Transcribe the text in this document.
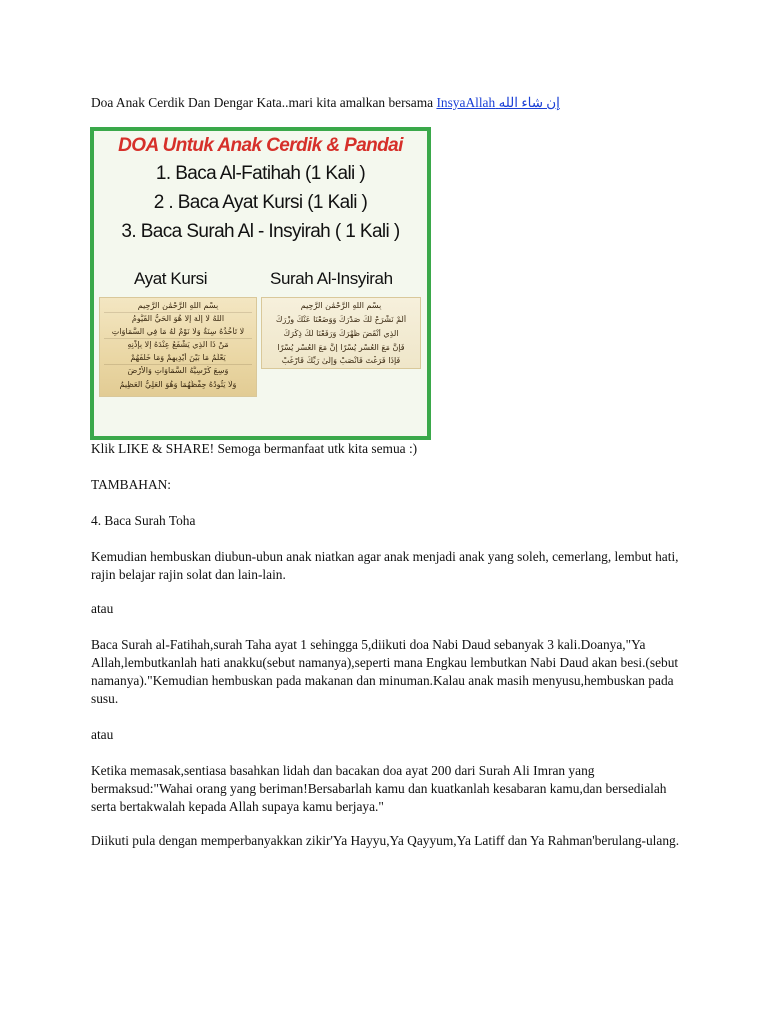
Doa Anak Cerdik Dan Dengar Kata..mari kita amalkan bersama InsyaAllah إن شاء الله

DOA Untuk Anak Cerdik & Pandai
1. Baca Al-Fatihah (1 Kali )
2 . Baca Ayat Kursi (1 Kali )
3. Baca Surah Al - Insyirah ( 1 Kali )
Ayat Kursi	Surah Al-Insyirah
بِسْمِ اللَّهِ الرَّحْمَٰنِ الرَّحِيمِ
اللَّهُ لَا إِلَٰهَ إِلَّا هُوَ الْحَيُّ الْقَيُّومُ
لَا تَأْخُذُهُ سِنَةٌ وَلَا نَوْمٌ لَهُ مَا فِي السَّمَاوَاتِ
مَنْ ذَا الَّذِي يَشْفَعُ عِنْدَهُ إِلَّا بِإِذْنِهِ
يَعْلَمُ مَا بَيْنَ أَيْدِيهِمْ وَمَا خَلْفَهُمْ
وَسِعَ كُرْسِيُّهُ السَّمَاوَاتِ وَالْأَرْضَ
وَلَا يَئُودُهُ حِفْظُهُمَا وَهُوَ الْعَلِيُّ الْعَظِيمُ
بِسْمِ اللَّهِ الرَّحْمَٰنِ الرَّحِيمِ
أَلَمْ نَشْرَحْ لَكَ صَدْرَكَ وَوَضَعْنَا عَنْكَ وِزْرَكَ
الَّذِي أَنْقَضَ ظَهْرَكَ وَرَفَعْنَا لَكَ ذِكْرَكَ
فَإِنَّ مَعَ الْعُسْرِ يُسْرًا إِنَّ مَعَ الْعُسْرِ يُسْرًا
فَإِذَا فَرَغْتَ فَانْصَبْ وَإِلَىٰ رَبِّكَ فَارْغَبْ

Klik LIKE & SHARE! Semoga bermanfaat utk kita semua :)

TAMBAHAN:

4. Baca Surah Toha

Kemudian hembuskan diubun-ubun anak niatkan agar anak menjadi anak yang soleh, cemerlang, lembut hati, rajin belajar rajin solat dan lain-lain.

atau

Baca Surah al-Fatihah,surah Taha ayat 1 sehingga 5,diikuti doa Nabi Daud sebanyak 3 kali.Doanya,"Ya Allah,lembutkanlah hati anakku(sebut namanya),seperti mana Engkau lembutkan Nabi Daud akan besi.(sebut namanya)."Kemudian hembuskan pada makanan dan minuman.Kalau anak masih menyusu,hembuskan pada susu.

atau

Ketika memasak,sentiasa basahkan lidah dan bacakan doa ayat 200 dari Surah Ali Imran yang bermaksud:"Wahai orang yang beriman!Bersabarlah kamu dan kuatkanlah kesabaran kamu,dan bersedialah serta bertakwalah kepada Allah supaya kamu berjaya."

Diikuti pula dengan memperbanyakkan zikir'Ya Hayyu,Ya Qayyum,Ya Latiff dan Ya Rahman'berulang-ulang.
